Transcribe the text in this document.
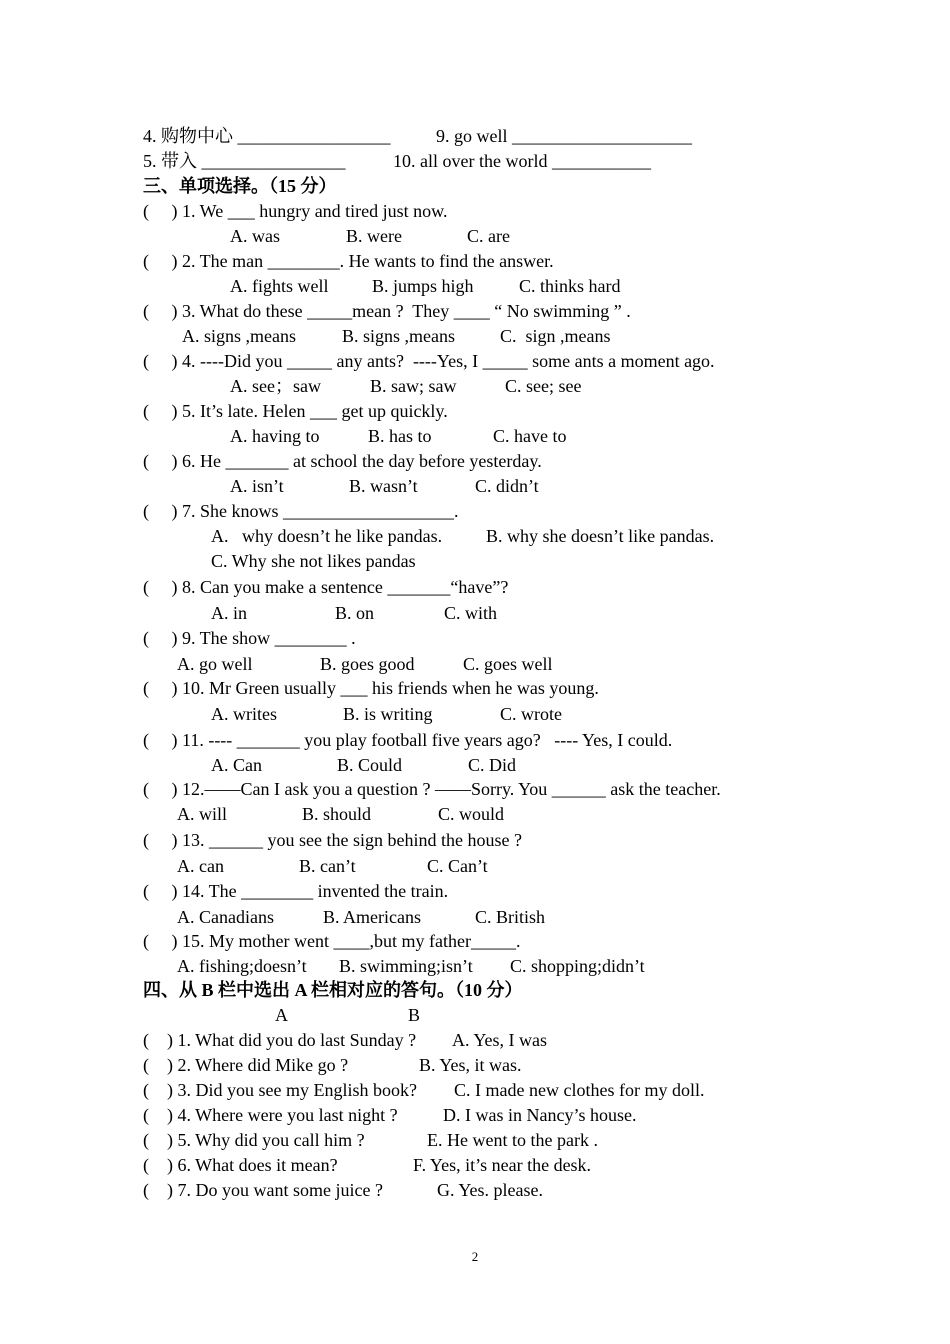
4. 购物中心 _________________	9. go well ____________________
5. 带入 ________________	10. all over the world ___________
三、单项选择。（15 分）
(     ) 1. We ___ hungry and tired just now.
A. was	B. were	C. are
(     ) 2. The man ________. He wants to find the answer.
A. fights well B. jumps high	C. thinks hard
(     ) 3. What do these _____mean ?  They ____ “ No swimming ” .
A. signs ,means	B. signs ,means C.  sign ,means
(     ) 4. ----Did you _____ any ants?  ----Yes, I _____ some ants a moment ago.
A. see；saw	B. saw; saw	C. see; see
(     ) 5. It’s late. Helen ___ get up quickly.
A. having to	B. has to	C. have to
(     ) 6. He _______ at school the day before yesterday.
A. isn’t	B. wasn’t	C. didn’t
(     ) 7. She knows ___________________.
A.   why doesn’t he like pandas. B. why she doesn’t like pandas.
C. Why she not likes pandas
(     ) 8. Can you make a sentence _______“have”?
A. in	B. on	C. with
(     ) 9. The show ________ .
A. go well	B. goes good	C. goes well
(     ) 10. Mr Green usually ___ his friends when he was young.
A. writes	B. is writing	C. wrote
(     ) 11. ---- _______ you play football five years ago?   ---- Yes, I could.
A. Can	B. Could	C. Did
(     ) 12.——Can I ask you a question ? ——Sorry. You ______ ask the teacher.
A. will	B. should	C. would
(     ) 13. ______ you see the sign behind the house ?
A. can	B. can’t	C. Can’t
(     ) 14. The ________ invented the train.
A. Canadians	B. Americans	C. British
(     ) 15. My mother went ____,but my father_____.
A. fishing;doesn’t B. swimming;isn’t C. shopping;didn’t
四、从 B 栏中选出 A 栏相对应的答句。（10 分）
A	B
(    ) 1. What did you do last Sunday ? A. Yes, I was
(    ) 2. Where did Mike go ?	B. Yes, it was.
(    ) 3. Did you see my English book? C. I made new clothes for my doll.
(    ) 4. Where were you last night ?	D. I was in Nancy’s house.
(    ) 5. Why did you call him ?	E. He went to the park .
(    ) 6. What does it mean?	F. Yes, it’s near the desk.
(    ) 7. Do you want some juice ?	G. Yes. please.
2
